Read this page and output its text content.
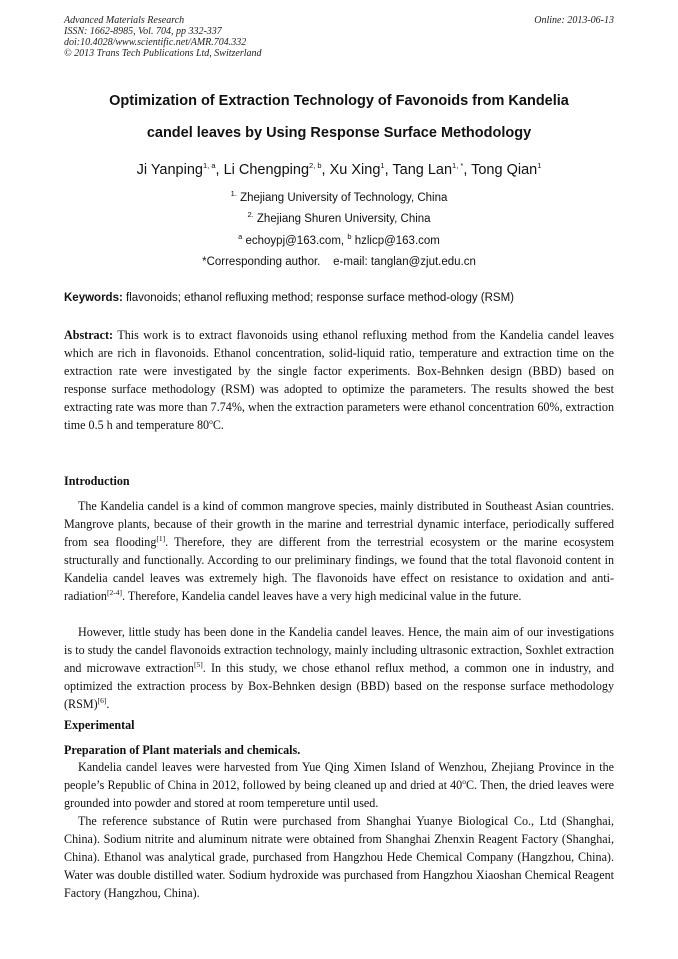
Advanced Materials Research
ISSN: 1662-8985, Vol. 704, pp 332-337
doi:10.4028/www.scientific.net/AMR.704.332
© 2013 Trans Tech Publications Ltd, Switzerland
Online: 2013-06-13
Optimization of Extraction Technology of Favonoids from Kandelia
candel leaves by Using Response Surface Methodology
Ji Yanping$^{1, a}$, Li Chengping$^{2, b}$, Xu Xing$^1$, Tang Lan$^{1, *}$, Tong Qian$^1$
$^{1.}$ Zhejiang University of Technology, China
$^{2.}$ Zhejiang Shuren University, China
$^a$ echoypj@163.com, $^b$ hzlicp@163.com
*Corresponding author. e-mail: tanglan@zjut.edu.cn
Keywords: flavonoids; ethanol refluxing method; response surface method-ology (RSM)
Abstract: This work is to extract flavonoids using ethanol refluxing method from the Kandelia candel leaves which are rich in flavonoids. Ethanol concentration, solid-liquid ratio, temperature and extraction time on the extraction rate were investigated by the single factor experiments. Box-Behnken design (BBD) based on response surface methodology (RSM) was adopted to optimize the parameters. The results showed the best extracting rate was more than 7.74%, when the extraction parameters were ethanol concentration 60%, extraction time 0.5 h and temperature 80$^o$C.
Introduction
The Kandelia candel is a kind of common mangrove species, mainly distributed in Southeast Asian countries. Mangrove plants, because of their growth in the marine and terrestrial dynamic interface, periodically suffered from sea flooding[1]. Therefore, they are different from the terrestrial ecosystem or the marine ecosystem structurally and functionally. According to our preliminary findings, we found that the total flavonoid content in Kandelia candel leaves was extremely high. The flavonoids have effect on resistance to oxidation and anti-radiation[2-4]. Therefore, Kandelia candel leaves have a very high medicinal value in the future.
However, little study has been done in the Kandelia candel leaves. Hence, the main aim of our investigations is to study the candel flavonoids extraction technology, mainly including ultrasonic extraction, Soxhlet extraction and microwave extraction[5]. In this study, we chose ethanol reflux method, a common one in industry, and optimized the extraction process by Box-Behnken design (BBD) based on the response surface methodology (RSM)[6].
Experimental
Preparation of Plant materials and chemicals.
Kandelia candel leaves were harvested from Yue Qing Ximen Island of Wenzhou, Zhejiang Province in the people’s Republic of China in 2012, followed by being cleaned up and dried at 40$^o$C. Then, the dried leaves were grounded into powder and stored at room tempereture until used.
The reference substance of Rutin were purchased from Shanghai Yuanye Biological Co., Ltd (Shanghai, China). Sodium nitrite and aluminum nitrate were obtained from Shanghai Zhenxin Reagent Factory (Shanghai, China). Ethanol was analytical grade, purchased from Hangzhou Hede Chemical Company (Hangzhou, China). Water was double distilled water. Sodium hydroxide was purchased from Hangzhou Xiaoshan Chemical Reagent Factory (Hangzhou, China).
